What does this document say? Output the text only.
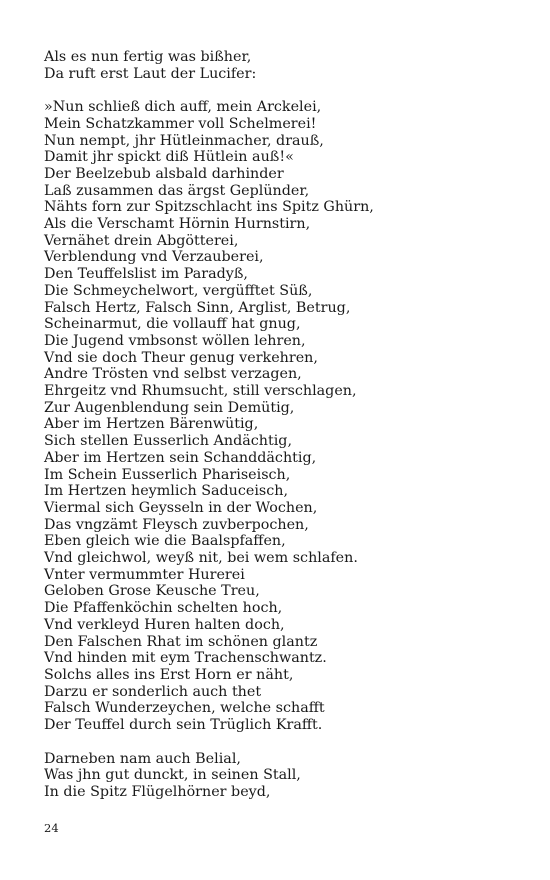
Als es nun fertig was bißher,
Da ruft erst Laut der Lucifer:
»Nun schließ dich auff, mein Arckelei,
Mein Schatzkammer voll Schelmerei!
Nun nempt, jhr Hütleinmacher, drauß,
Damit jhr spickt diß Hütlein auß!«
Der Beelzebub alsbald darhinder
Laß zusammen das ärgst Geplünder,
Nähts forn zur Spitzschlacht ins Spitz Ghürn,
Als die Verschamt Hörnin Hurnstirn,
Vernähet drein Abgötterei,
Verblendung vnd Verzauberei,
Den Teuffelslist im Paradyß,
Die Schmeychelwort, vergüfftet Süß,
Falsch Hertz, Falsch Sinn, Arglist, Betrug,
Scheinarmut, die vollauff hat gnug,
Die Jugend vmbsonst wöllen lehren,
Vnd sie doch Theur genug verkehren,
Andre Trösten vnd selbst verzagen,
Ehrgeitz vnd Rhumsucht, still verschlagen,
Zur Augenblendung sein Demütig,
Aber im Hertzen Bärenwütig,
Sich stellen Eusserlich Andächtig,
Aber im Hertzen sein Schanddächtig,
Im Schein Eusserlich Phariseisch,
Im Hertzen heymlich Saduceisch,
Viermal sich Geysseln in der Wochen,
Das vngzämt Fleysch zuvberpochen,
Eben gleich wie die Baalspfaffen,
Vnd gleichwol, weyß nit, bei wem schlafen.
Vnter vermummter Hurerei
Geloben Grose Keusche Treu,
Die Pfaffenköchin schelten hoch,
Vnd verkleyd Huren halten doch,
Den Falschen Rhat im schönen glantz
Vnd hinden mit eym Trachenschwantz.
Solchs alles ins Erst Horn er näht,
Darzu er sonderlich auch thet
Falsch Wunderzeychen, welche schafft
Der Teuffel durch sein Trüglich Krafft.
Darneben nam auch Belial,
Was jhn gut dunckt, in seinen Stall,
In die Spitz Flügelhörner beyd,
24
